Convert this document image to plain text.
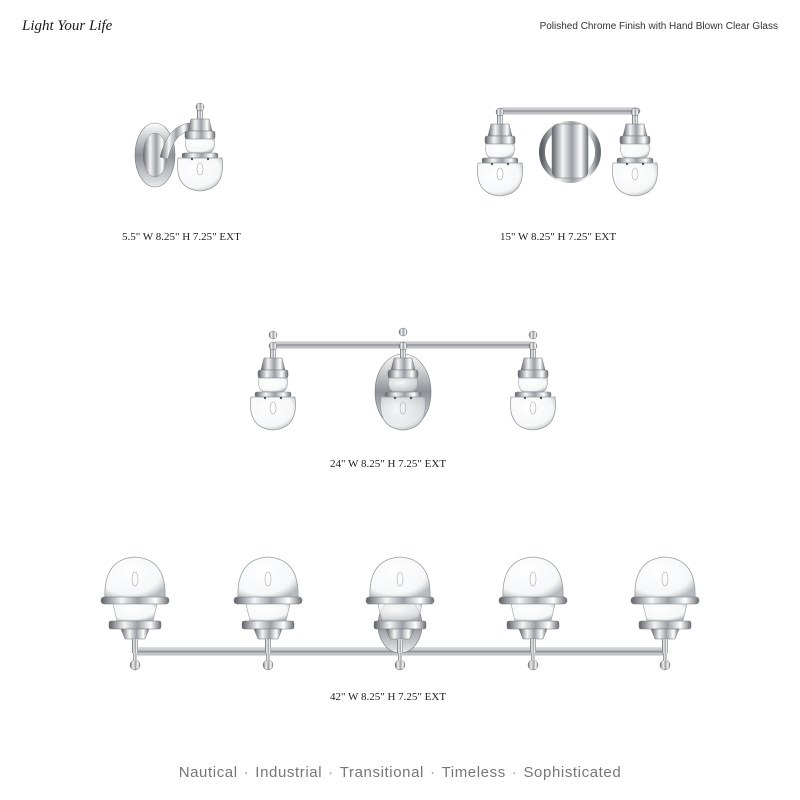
Light Your Life	Polished Chrome Finish with Hand Blown Clear Glass
5.5" W 8.25" H 7.25" EXT	15" W 8.25" H 7.25" EXT
24" W 8.25" H 7.25" EXT
42" W 8.25" H 7.25" EXT
Nautical · Industrial · Transitional · Timeless · Sophisticated
